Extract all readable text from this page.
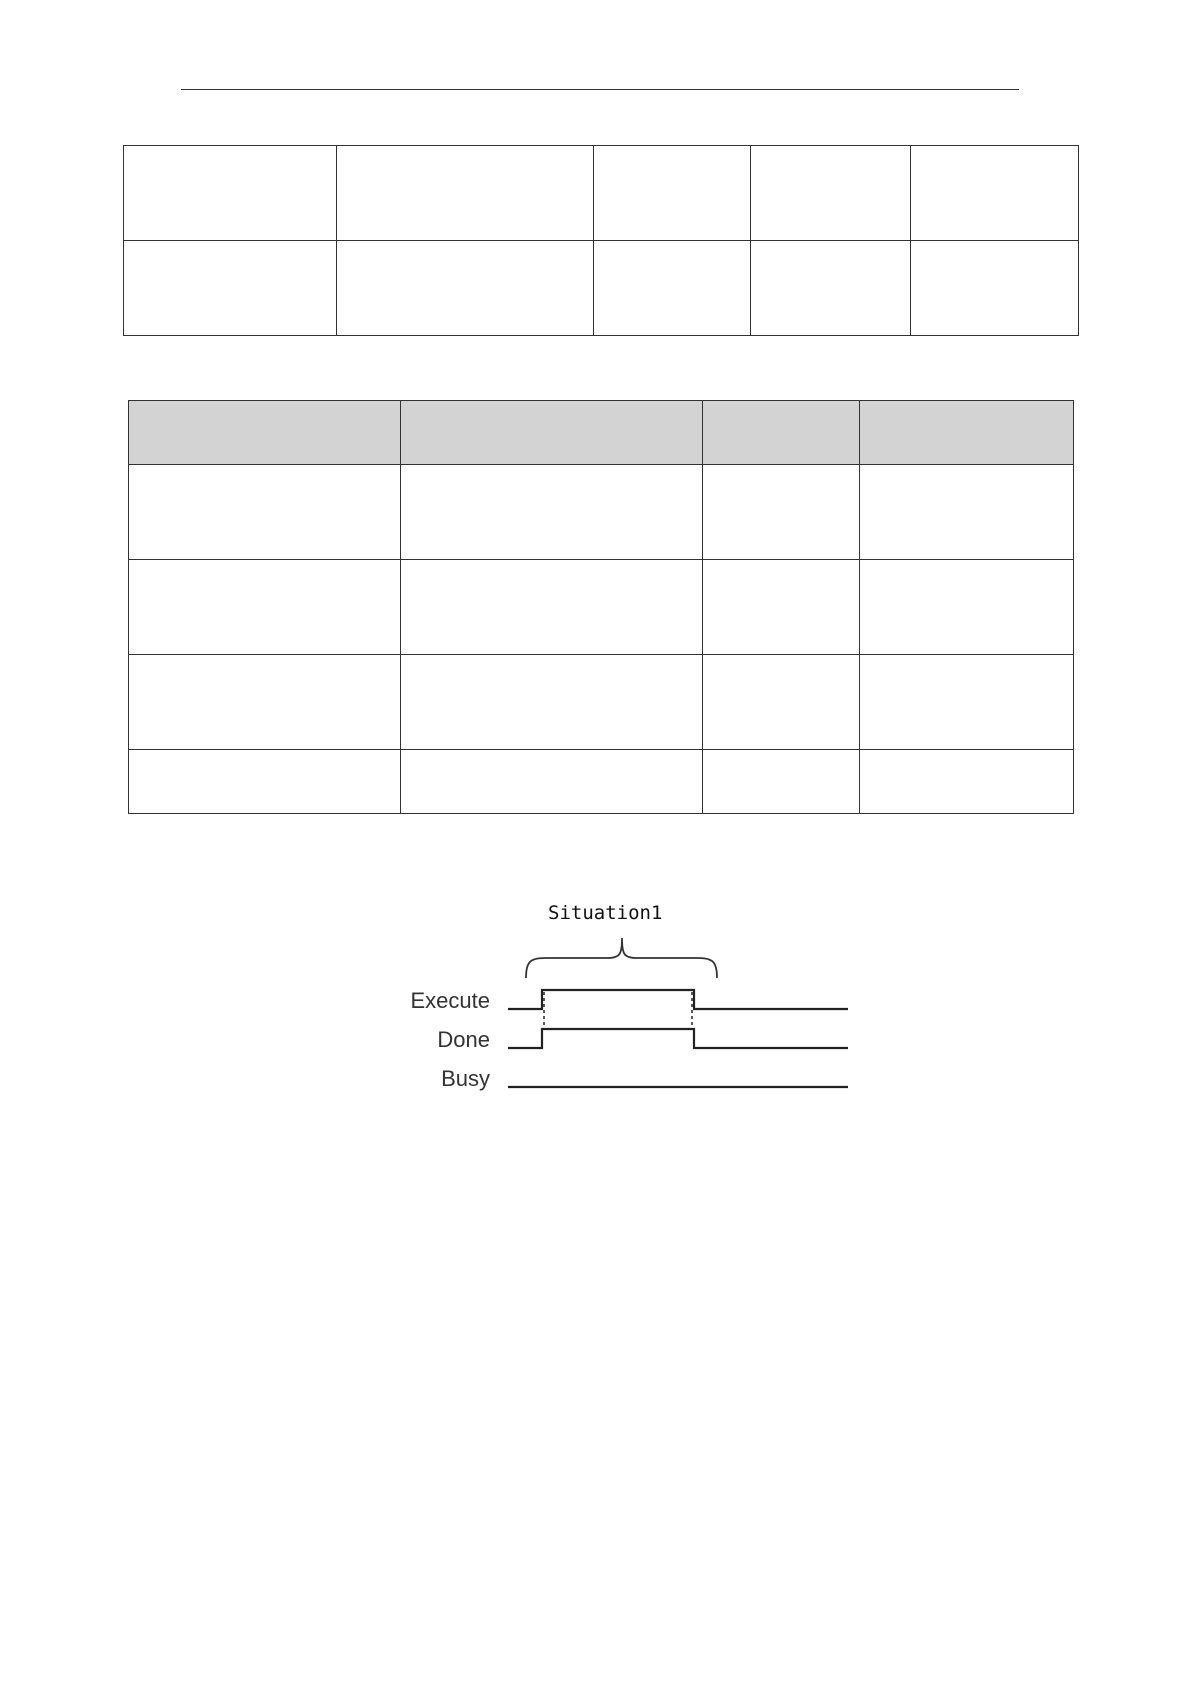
Situation1
Execute
Done
Busy
